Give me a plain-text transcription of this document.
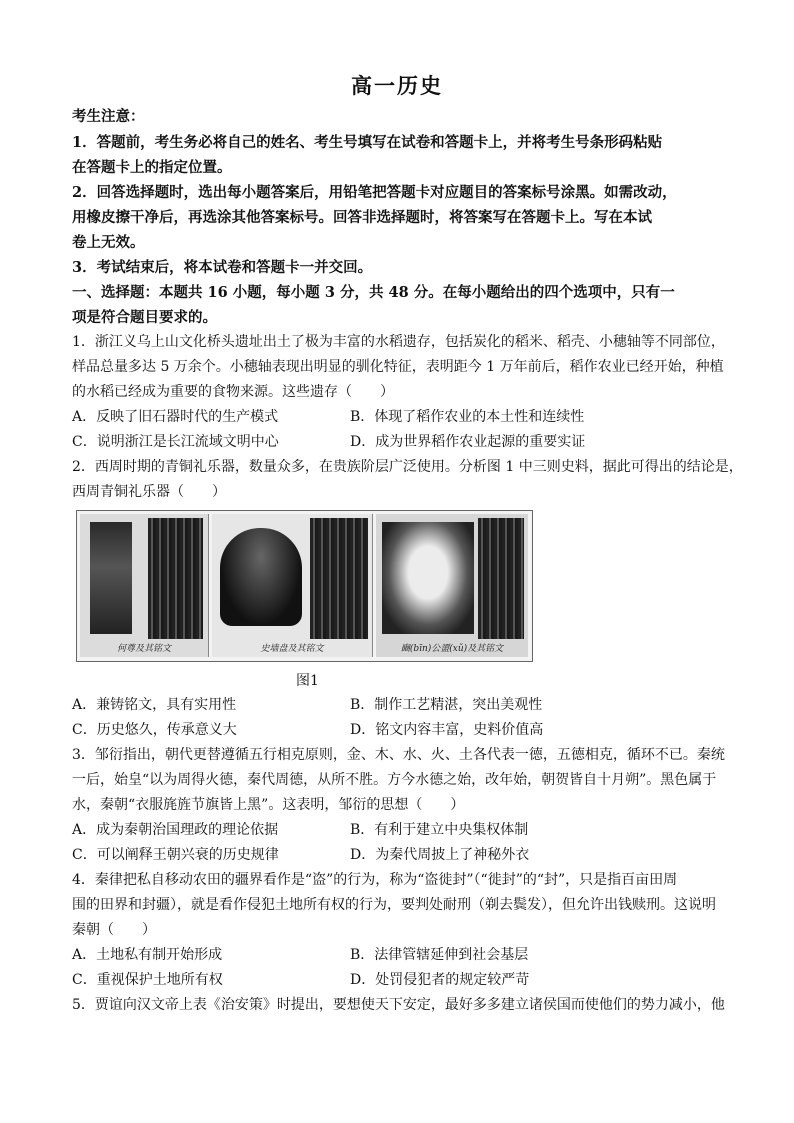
高一历史
考生注意：
1．答题前，考生务必将自己的姓名、考生号填写在试卷和答题卡上，并将考生号条形码粘贴
在答题卡上的指定位置。
2．回答选择题时，选出每小题答案后，用铅笔把答题卡对应题目的答案标号涂黑。如需改动，
用橡皮擦干净后，再选涂其他答案标号。回答非选择题时，将答案写在答题卡上。写在本试
卷上无效。
3．考试结束后，将本试卷和答题卡一并交回。
一、选择题：本题共 16 小题，每小题 3 分，共 48 分。在每小题给出的四个选项中，只有一
项是符合题目要求的。
1．浙江义乌上山文化桥头遗址出土了极为丰富的水稻遗存，包括炭化的稻米、稻壳、小穗轴等不同部位，
样品总量多达 5 万余个。小穗轴表现出明显的驯化特征，表明距今 1 万年前后，稻作农业已经开始，种植
的水稻已经成为重要的食物来源。这些遗存（　　）
A．反映了旧石器时代的生产模式	B．体现了稻作农业的本土性和连续性
C．说明浙江是长江流域文明中心	D．成为世界稻作农业起源的重要实证
2．西周时期的青铜礼乐器，数量众多，在贵族阶层广泛使用。分析图 1 中三则史料，据此可得出的结论是，
西周青铜礼乐器（　　）
何尊及其铭文	史墙盘及其铭文	豳(bīn)公盨(xǔ)及其铭文
图1
A．兼铸铭文，具有实用性	B．制作工艺精湛，突出美观性
C．历史悠久，传承意义大	D．铭文内容丰富，史料价值高
3．邹衍指出，朝代更替遵循五行相克原则，金、木、水、火、土各代表一德，五德相克，循环不已。秦统
一后，始皇“以为周得火德，秦代周德，从所不胜。方今水德之始，改年始，朝贺皆自十月朔”。黑色属于
水，秦朝“衣服旄旌节旗皆上黑”。这表明，邹衍的思想（　　）
A．成为秦朝治国理政的理论依据	B．有利于建立中央集权体制
C．可以阐释王朝兴衰的历史规律	D．为秦代周披上了神秘外衣
4．秦律把私自移动农田的疆界看作是“盗”的行为，称为“盗徙封”（“徙封”的“封”，只是指百亩田周
围的田界和封疆），就是看作侵犯土地所有权的行为，要判处耐刑（剃去鬓发），但允许出钱赎刑。这说明
秦朝（　　）
A．土地私有制开始形成	B．法律管辖延伸到社会基层
C．重视保护土地所有权	D．处罚侵犯者的规定较严苛
5．贾谊向汉文帝上表《治安策》时提出，要想使天下安定，最好多多建立诸侯国而使他们的势力减小，他
